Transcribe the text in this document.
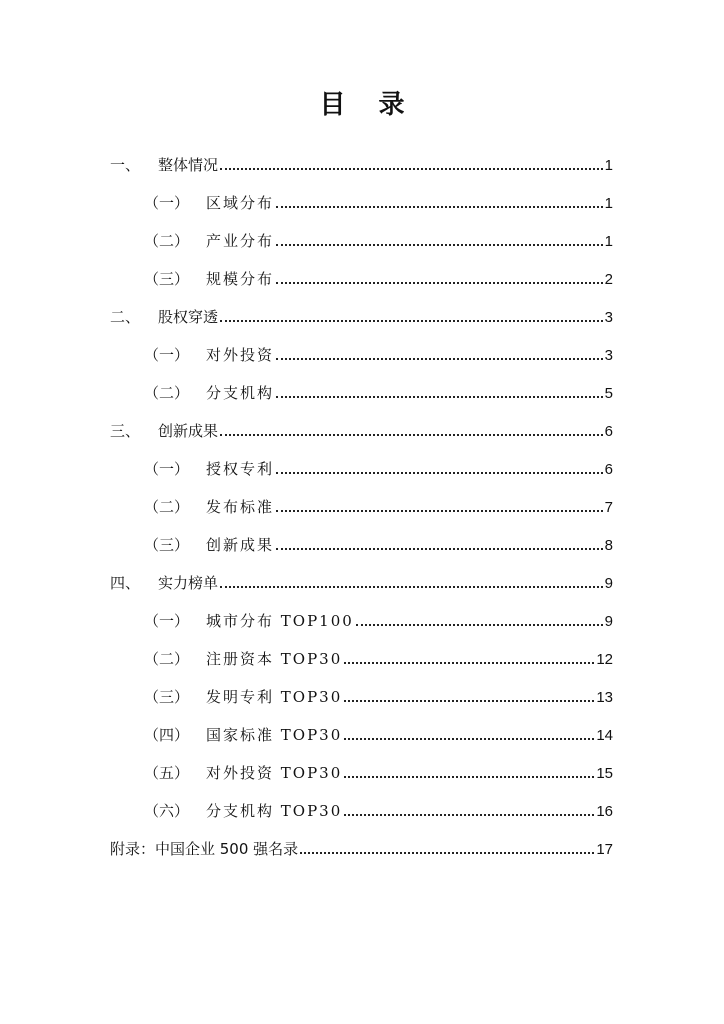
目 录
一、	整体情况	1
（一）	区域分布	1
（二）	产业分布	1
（三）	规模分布	2
二、	股权穿透	3
（一）	对外投资	3
（二）	分支机构	5
三、	创新成果	6
（一）	授权专利	6
（二）	发布标准	7
（三）	创新成果	8
四、	实力榜单	9
（一）	城市分布 TOP100	9
（二）	注册资本 TOP30	12
（三）	发明专利 TOP30	13
（四）	国家标准 TOP30	14
（五）	对外投资 TOP30	15
（六）	分支机构 TOP30	16
附录：中国企业 500 强名录	17
